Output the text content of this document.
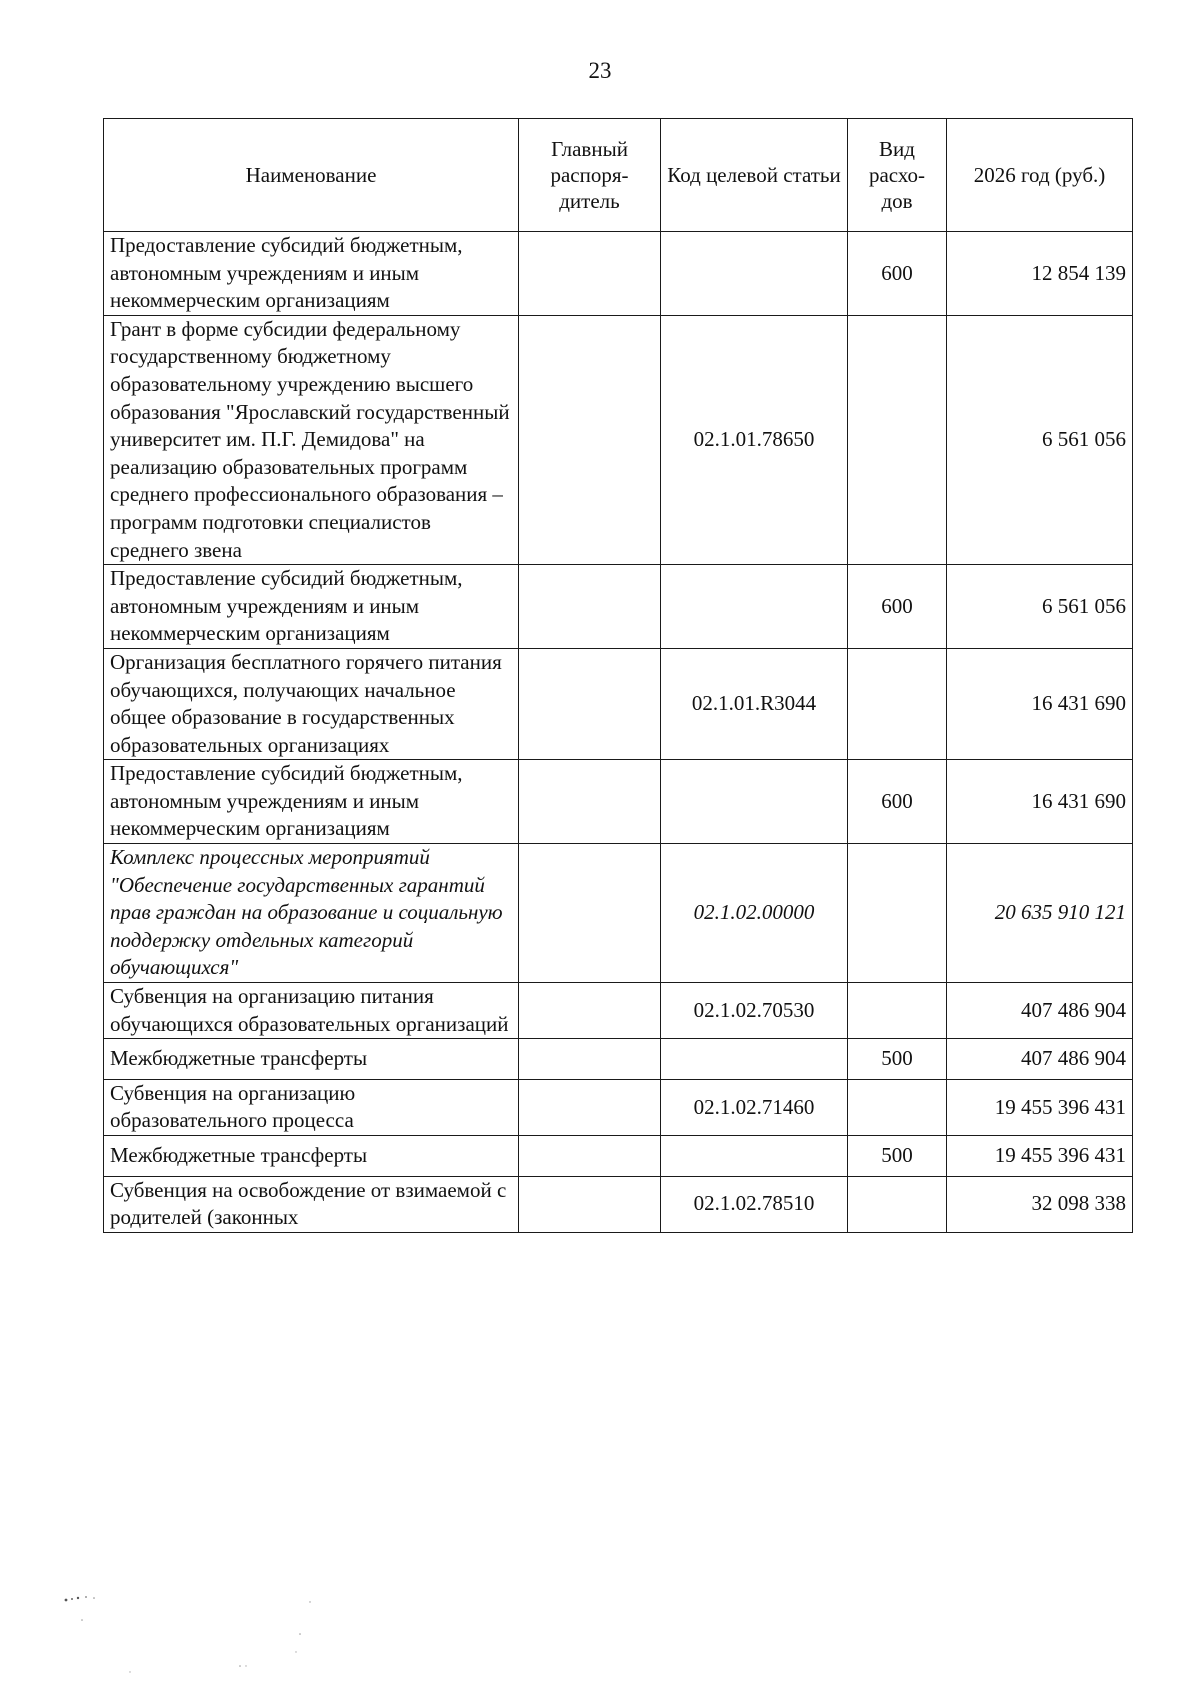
23
Наименование	Главный распоря-дитель	Код целевой статьи	Вид расхо-дов	2026 год (руб.)
Предоставление субсидий бюджетным, автономным учреждениям и иным некоммерческим организациям			600	12 854 139
Грант в форме субсидии федеральному государственному бюджетному образовательному учреждению высшего образования "Ярославский государственный университет им. П.Г. Демидова" на реализацию образовательных программ среднего профессионального образования – программ подготовки специалистов среднего звена		02.1.01.78650		6 561 056
Предоставление субсидий бюджетным, автономным учреждениям и иным некоммерческим организациям			600	6 561 056
Организация бесплатного горячего питания обучающихся, получающих начальное общее образование в государственных образовательных организациях		02.1.01.R3044		16 431 690
Предоставление субсидий бюджетным, автономным учреждениям и иным некоммерческим организациям			600	16 431 690
Комплекс процессных мероприятий "Обеспечение государственных гарантий прав граждан на образование и социальную поддержку отдельных категорий обучающихся"		02.1.02.00000		20 635 910 121
Субвенция на организацию питания обучающихся образовательных организаций		02.1.02.70530		407 486 904
Межбюджетные трансферты			500	407 486 904
Субвенция на организацию образовательного процесса		02.1.02.71460		19 455 396 431
Межбюджетные трансферты			500	19 455 396 431
Субвенция на освобождение от взимаемой с родителей (законных		02.1.02.78510		32 098 338
